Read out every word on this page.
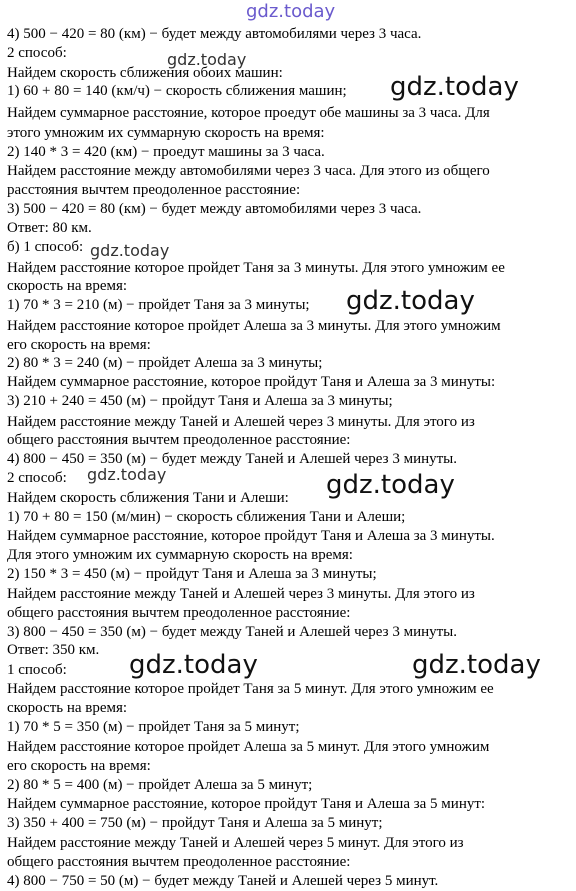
gdz.today
4) 500 − 420 = 80 (км) − будет между автомобилями через 3 часа.
2 способ:
Найдем скорость сближения обоих машин:
1) 60 + 80 = 140 (км/ч) − скорость сближения машин;
Найдем суммарное расстояние, которое проедут обе машины за 3 часа. Для
этого умножим их суммарную скорость на время:
2) 140 * 3 = 420 (км) − проедут машины за 3 часа.
Найдем расстояние между автомобилями через 3 часа. Для этого из общего
расстояния вычтем преодоленное расстояние:
3) 500 − 420 = 80 (км) − будет между автомобилями через 3 часа.
Ответ: 80 км.
б) 1 способ:
Найдем расстояние которое пройдет Таня за 3 минуты. Для этого умножим ее
скорость на время:
1) 70 * 3 = 210 (м) − пройдет Таня за 3 минуты;
Найдем расстояние которое пройдет Алеша за 3 минуты. Для этого умножим
его скорость на время:
2) 80 * 3 = 240 (м) − пройдет Алеша за 3 минуты;
Найдем суммарное расстояние, которое пройдут Таня и Алеша за 3 минуты:
3) 210 + 240 = 450 (м) − пройдут Таня и Алеша за 3 минуты;
Найдем расстояние между Таней и Алешей через 3 минуты. Для этого из
общего расстояния вычтем преодоленное расстояние:
4) 800 − 450 = 350 (м) − будет между Таней и Алешей через 3 минуты.
2 способ:
Найдем скорость сближения Тани и Алеши:
1) 70 + 80 = 150 (м/мин) − скорость сближения Тани и Алеши;
Найдем суммарное расстояние, которое пройдут Таня и Алеша за 3 минуты.
Для этого умножим их суммарную скорость на время:
2) 150 * 3 = 450 (м) − пройдут Таня и Алеша за 3 минуты;
Найдем расстояние между Таней и Алешей через 3 минуты. Для этого из
общего расстояния вычтем преодоленное расстояние:
3) 800 − 450 = 350 (м) − будет между Таней и Алешей через 3 минуты.
Ответ: 350 км.
1 способ:
Найдем расстояние которое пройдет Таня за 5 минут. Для этого умножим ее
скорость на время:
1) 70 * 5 = 350 (м) − пройдет Таня за 5 минут;
Найдем расстояние которое пройдет Алеша за 5 минут. Для этого умножим
его скорость на время:
2) 80 * 5 = 400 (м) − пройдет Алеша за 5 минут;
Найдем суммарное расстояние, которое пройдут Таня и Алеша за 5 минут:
3) 350 + 400 = 750 (м) − пройдут Таня и Алеша за 5 минут;
Найдем расстояние между Таней и Алешей через 5 минут. Для этого из
общего расстояния вычтем преодоленное расстояние:
4) 800 − 750 = 50 (м) − будет между Таней и Алешей через 5 минут.
gdz.today
gdz.today
gdz.today
gdz.today
gdz.today	gdz.today
gdz.today	gdz.today
